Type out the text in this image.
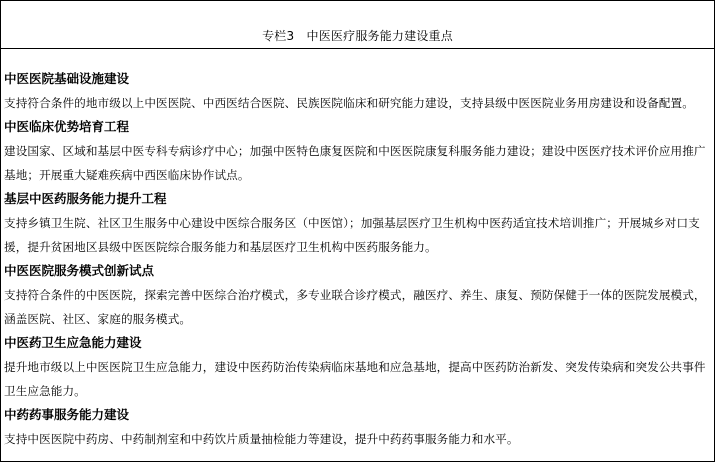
专栏3　中医医疗服务能力建设重点
中医医院基础设施建设
支持符合条件的地市级以上中医医院、中西医结合医院、民族医院临床和研究能力建设，支持县级中医医院业务用房建设和设备配置。
中医临床优势培育工程
建设国家、区域和基层中医专科专病诊疗中心；加强中医特色康复医院和中医医院康复科服务能力建设；建设中医医疗技术评价应用推广基地；开展重大疑难疾病中西医临床协作试点。
基层中医药服务能力提升工程
支持乡镇卫生院、社区卫生服务中心建设中医综合服务区（中医馆）；加强基层医疗卫生机构中医药适宜技术培训推广；开展城乡对口支援，提升贫困地区县级中医医院综合服务能力和基层医疗卫生机构中医药服务能力。
中医医院服务模式创新试点
支持符合条件的中医医院，探索完善中医综合治疗模式，多专业联合诊疗模式，融医疗、养生、康复、预防保健于一体的医院发展模式，涵盖医院、社区、家庭的服务模式。
中医药卫生应急能力建设
提升地市级以上中医医院卫生应急能力，建设中医药防治传染病临床基地和应急基地，提高中医药防治新发、突发传染病和突发公共事件卫生应急能力。
中药药事服务能力建设
支持中医医院中药房、中药制剂室和中药饮片质量抽检能力等建设，提升中药药事服务能力和水平。
